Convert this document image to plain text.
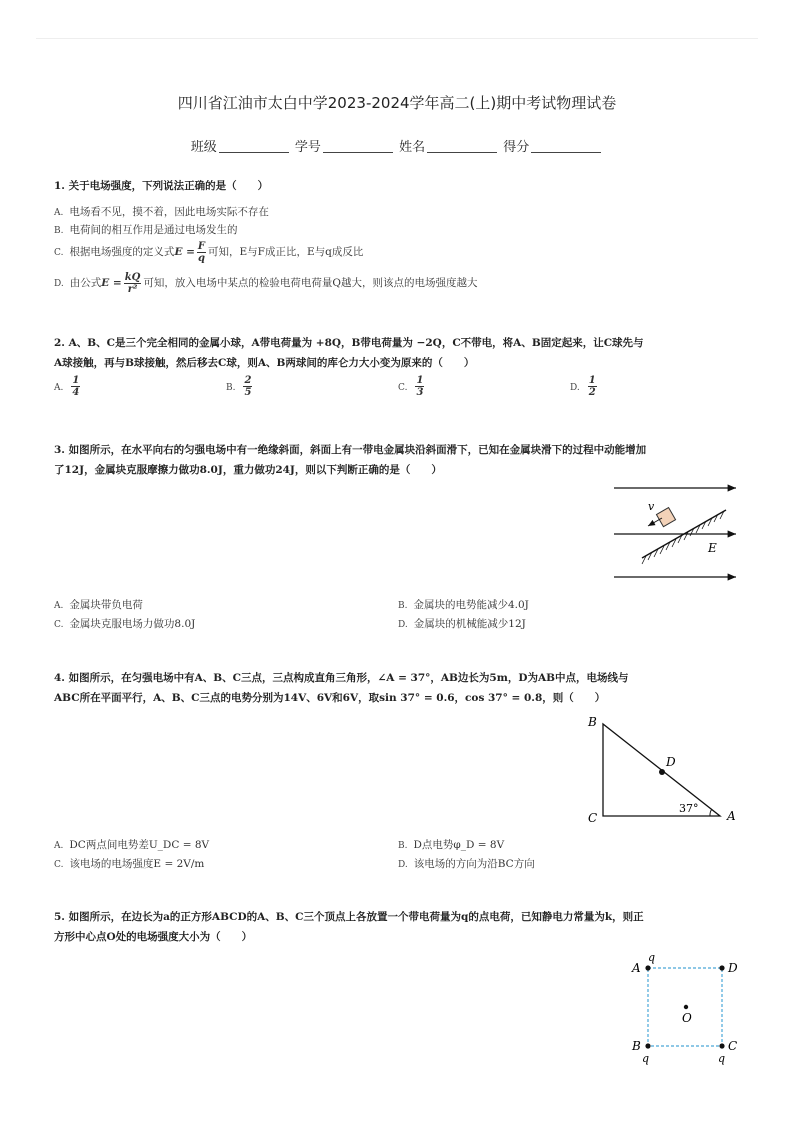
四川省江油市太白中学2023-2024学年高二(上)期中考试物理试卷
班级	学号	姓名	得分
1. 关于电场强度，下列说法正确的是（　　）
A. 电场看不见，摸不着，因此电场实际不存在
B. 电荷间的相互作用是通过电场发生的
C. 根据电场强度的定义式$E = \frac{F}{q}$ 可知，E与F成正比，E与q成反比
D. 由公式$E = \frac{kQ}{\text{r²}}$ 可知，放入电场中某点的检验电荷电荷量Q越大，则该点的电场强度越大
2. A、B、C是三个完全相同的金属小球，A带电荷量为 +8Q，B带电荷量为 −2Q，C不带电，将A、B固定起来，让C球先与
A球接触，再与B球接触，然后移去C球，则A、B两球间的库仑力大小变为原来的（　　）
A. $\frac{1}{4}$	B. $\frac{2}{5}$	C. $\frac{1}{3}$	D. $\frac{1}{2}$
3. 如图所示，在水平向右的匀强电场中有一绝缘斜面，斜面上有一带电金属块沿斜面滑下，已知在金属块滑下的过程中动能增加
了12J，金属块克服摩擦力做功8.0J，重力做功24J，则以下判断正确的是（　　）
v
E
A. 金属块带负电荷	B. 金属块的电势能减少4.0J
C. 金属块克服电场力做功8.0J	D. 金属块的机械能减少12J
4. 如图所示，在匀强电场中有A、B、C三点，三点构成直角三角形，∠A = 37°，AB边长为5m，D为AB中点，电场线与
ABC所在平面平行，A、B、C三点的电势分别为14V、6V和6V，取sin 37° = 0.6，cos 37° = 0.8，则（　　）
B
C	A
D
37°
A. DC两点间电势差U_DC = 8V	B. D点电势φ_D = 8V
C. 该电场的电场强度E = 2V/m	D. 该电场的方向为沿BC方向
5. 如图所示，在边长为a的正方形ABCD的A、B、C三个顶点上各放置一个带电荷量为q的点电荷，已知静电力常量为k，则正
方形中心点O处的电场强度大小为（　　）
A	D
B	C
O
q
q	q
